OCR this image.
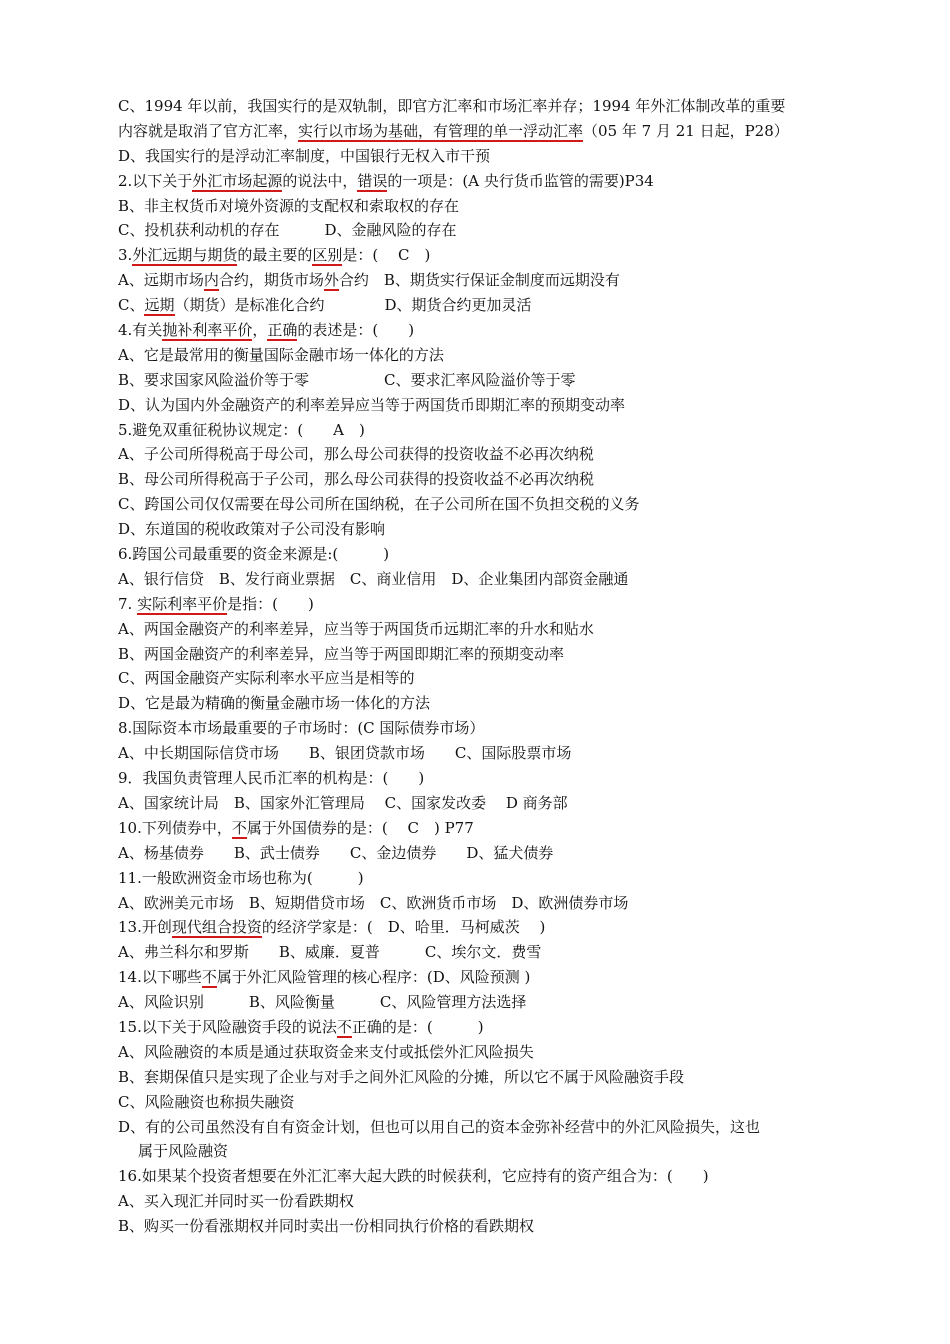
C、1994 年以前，我国实行的是双轨制，即官方汇率和市场汇率并存；1994 年外汇体制改革的重要
内容就是取消了官方汇率，实行以市场为基础，有管理的单一浮动汇率（05 年 7 月 21 日起，P28）
D、我国实行的是浮动汇率制度，中国银行无权入市干预
2.以下关于外汇市场起源的说法中，错误的一项是：(A 央行货币监管的需要)P34
B、非主权货币对境外资源的支配权和索取权的存在
C、投机获利动机的存在　　　D、金融风险的存在
3.外汇远期与期货的最主要的区别是：(　 C　)
A、远期市场内合约，期货市场外合约　B、期货实行保证金制度而远期没有
C、远期（期货）是标准化合约　　　　D、期货合约更加灵活
4.有关抛补利率平价，正确的表述是：(　　)
A、它是最常用的衡量国际金融市场一体化的方法
B、要求国家风险溢价等于零　　　　　C、要求汇率风险溢价等于零
D、认为国内外金融资产的利率差异应当等于两国货币即期汇率的预期变动率
5.避免双重征税协议规定：(　　A　)
A、子公司所得税高于母公司，那么母公司获得的投资收益不必再次纳税
B、母公司所得税高于子公司，那么母公司获得的投资收益不必再次纳税
C、跨国公司仅仅需要在母公司所在国纳税，在子公司所在国不负担交税的义务
D、东道国的税收政策对子公司没有影响
6.跨国公司最重要的资金来源是:(　　　)
A、银行信贷　B、发行商业票据　C、商业信用　D、企业集团内部资金融通
7. 实际利率平价是指：(　　)
A、两国金融资产的利率差异，应当等于两国货币远期汇率的升水和贴水
B、两国金融资产的利率差异，应当等于两国即期汇率的预期变动率
C、两国金融资产实际利率水平应当是相等的
D、它是最为精确的衡量金融市场一体化的方法
8.国际资本市场最重要的子市场时：(C 国际债券市场）
A、中长期国际信贷市场　　B、银团贷款市场　　C、国际股票市场
9．我国负责管理人民币汇率的机构是：(　　)
A、国家统计局　B、国家外汇管理局　 C、国家发改委　 D 商务部
10.下列债券中，不属于外国债券的是：(　 C　) P77
A、杨基债券　　B、武士债券　　C、金边债券　　D、猛犬债券
11.一般欧洲资金市场也称为(　　　)
A、欧洲美元市场　B、短期借贷市场　C、欧洲货币市场　D、欧洲债券市场
13.开创现代组合投资的经济学家是：(　D、哈里．马柯威茨　 )
A、弗兰科尔和罗斯　　B、威廉．夏普　　　C、埃尔文．费雪
14.以下哪些不属于外汇风险管理的核心程序：(D、风险预测 )
A、风险识别　　　B、风险衡量　　　C、风险管理方法选择
15.以下关于风险融资手段的说法不正确的是：(　　　)
A、风险融资的本质是通过获取资金来支付或抵偿外汇风险损失
B、套期保值只是实现了企业与对手之间外汇风险的分摊，所以它不属于风险融资手段
C、风险融资也称损失融资
D、有的公司虽然没有自有资金计划，但也可以用自己的资本金弥补经营中的外汇风险损失，这也
属于风险融资
16.如果某个投资者想要在外汇汇率大起大跌的时候获利，它应持有的资产组合为：(　　)
A、买入现汇并同时买一份看跌期权
B、购买一份看涨期权并同时卖出一份相同执行价格的看跌期权
